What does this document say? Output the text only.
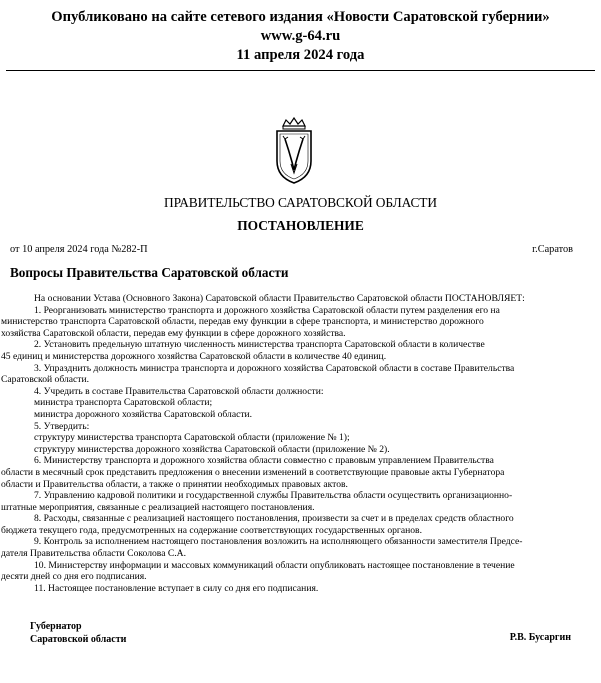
Опубликовано на сайте сетевого издания «Новости Саратовской губернии»
www.g-64.ru
11 апреля 2024 года
ПРАВИТЕЛЬСТВО САРАТОВСКОЙ ОБЛАСТИ
ПОСТАНОВЛЕНИЕ
от 10 апреля 2024 года №282-П	г.Саратов
Вопросы Правительства Саратовской области
На основании Устава (Основного Закона) Саратовской области Правительство Саратовской области ПОСТАНОВЛЯЕТ:
1. Реорганизовать министерство транспорта и дорожного хозяйства Саратовской области путем разделения его на
министерство транспорта Саратовской области, передав ему функции в сфере транспорта, и министерство дорожного
хозяйства Саратовской области, передав ему функции в сфере дорожного хозяйства.
2. Установить предельную штатную численность министерства транспорта Саратовской области в количестве
45 единиц и министерства дорожного хозяйства Саратовской области в количестве 40 единиц.
3. Упразднить должность министра транспорта и дорожного хозяйства Саратовской области в составе Правительства
Саратовской области.
4. Учредить в составе Правительства Саратовской области должности:
министра транспорта Саратовской области;
министра дорожного хозяйства Саратовской области.
5. Утвердить:
структуру министерства транспорта Саратовской области (приложение № 1);
структуру министерства дорожного хозяйства Саратовской области (приложение № 2).
6. Министерству транспорта и дорожного хозяйства области совместно с правовым управлением Правительства
области в месячный срок представить предложения о внесении изменений в соответствующие правовые акты Губернатора
области и Правительства области, а также о принятии необходимых правовых актов.
7. Управлению кадровой политики и государственной службы Правительства области осуществить организационно-
штатные мероприятия, связанные с реализацией настоящего постановления.
8. Расходы, связанные с реализацией настоящего постановления, произвести за счет и в пределах средств областного
бюджета текущего года, предусмотренных на содержание соответствующих государственных органов.
9. Контроль за исполнением настоящего постановления возложить на исполняющего обязанности заместителя Предсе-
дателя Правительства области Соколова С.А.
10. Министерству информации и массовых коммуникаций области опубликовать настоящее постановление в течение
десяти дней со дня его подписания.
11. Настоящее постановление вступает в силу со дня его подписания.
Губернатор
Саратовской области	Р.В. Бусаргин
